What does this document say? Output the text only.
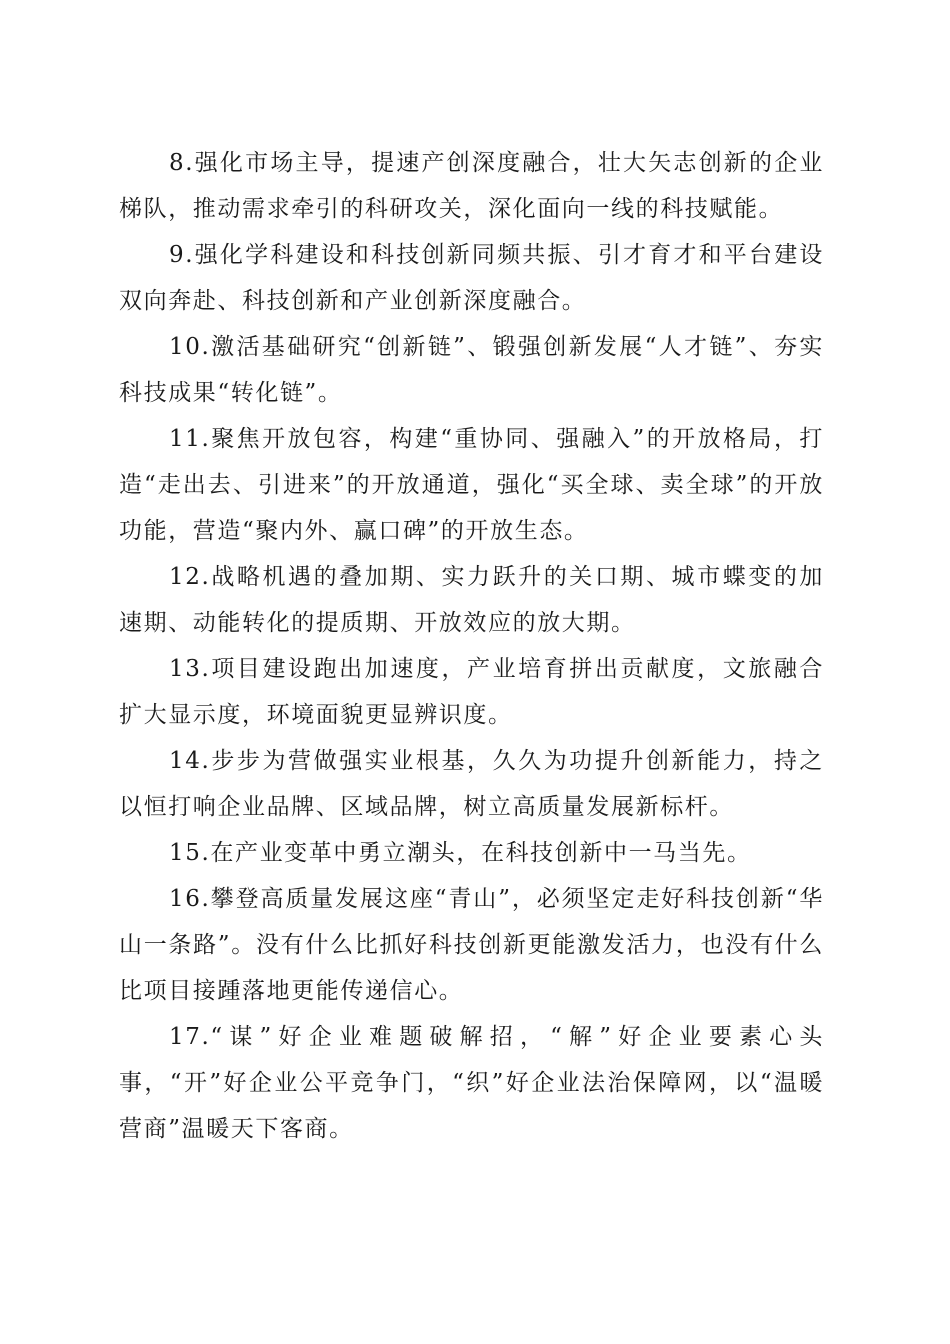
8.强化市场主导，提速产创深度融合，壮大矢志创新的企业梯队，推动需求牵引的科研攻关，深化面向一线的科技赋能。

9.强化学科建设和科技创新同频共振、引才育才和平台建设双向奔赴、科技创新和产业创新深度融合。

10.激活基础研究“创新链”、锻强创新发展“人才链”、夯实科技成果“转化链”。

11.聚焦开放包容，构建“重协同、强融入”的开放格局，打造“走出去、引进来”的开放通道，强化“买全球、卖全球”的开放功能，营造“聚内外、赢口碑”的开放生态。

12.战略机遇的叠加期、实力跃升的关口期、城市蝶变的加速期、动能转化的提质期、开放效应的放大期。

13.项目建设跑出加速度，产业培育拼出贡献度，文旅融合扩大显示度，环境面貌更显辨识度。

14.步步为营做强实业根基，久久为功提升创新能力，持之以恒打响企业品牌、区域品牌，树立高质量发展新标杆。

15.在产业变革中勇立潮头，在科技创新中一马当先。

16.攀登高质量发展这座“青山”，必须坚定走好科技创新“华山一条路”。没有什么比抓好科技创新更能激发活力，也没有什么比项目接踵落地更能传递信心。

17.“谋”好企业难题破解招，“解”好企业要素心头事，“开”好企业公平竞争门，“织”好企业法治保障网，以“温暖营商”温暖天下客商。
